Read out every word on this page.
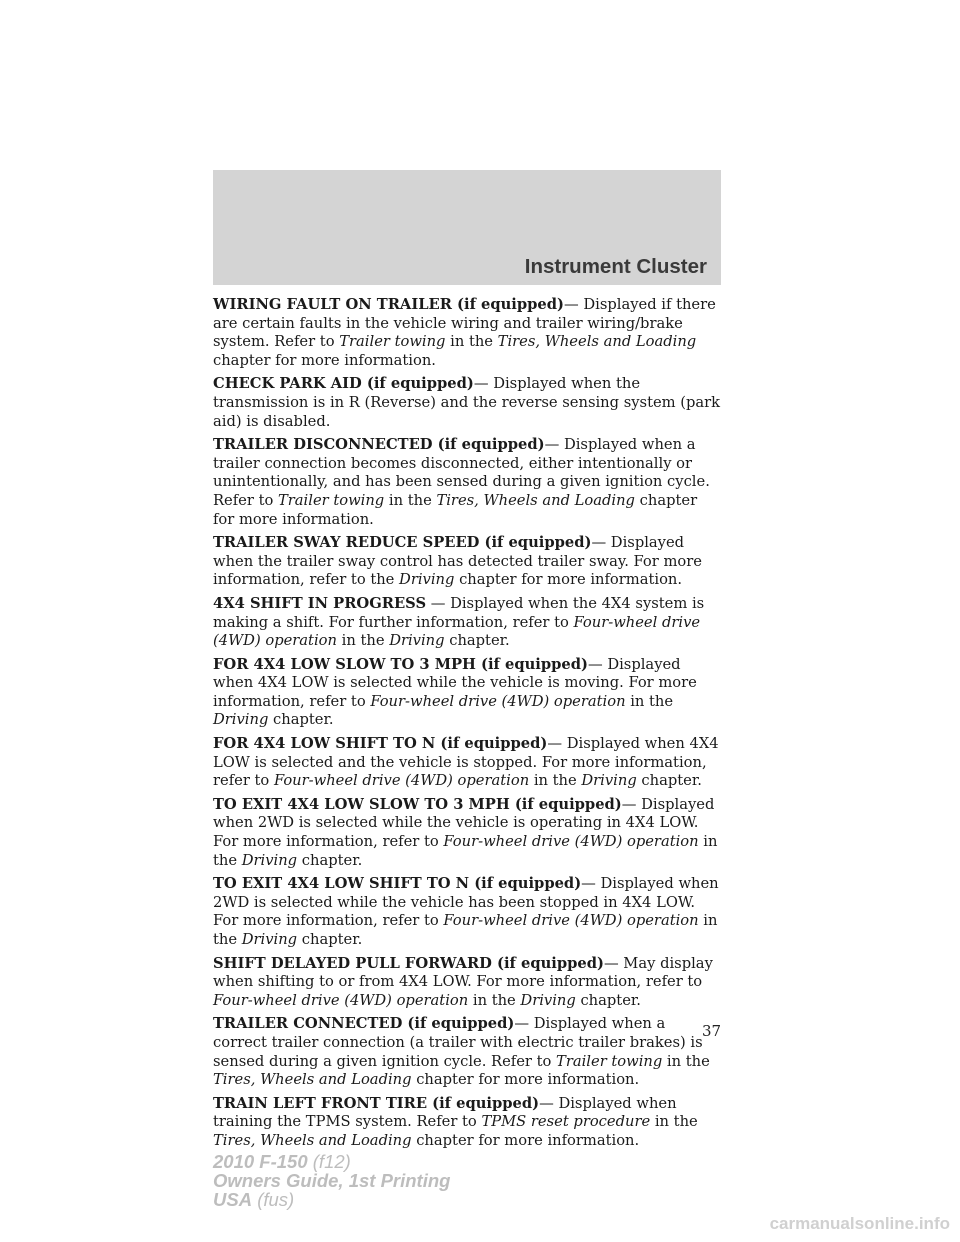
Instrument Cluster

WIRING FAULT ON TRAILER (if equipped)— Displayed if there are certain faults in the vehicle wiring and trailer wiring/brake system. Refer to Trailer towing in the Tires, Wheels and Loading chapter for more information.

CHECK PARK AID (if equipped)— Displayed when the transmission is in R (Reverse) and the reverse sensing system (park aid) is disabled.

TRAILER DISCONNECTED (if equipped)— Displayed when a trailer connection becomes disconnected, either intentionally or unintentionally, and has been sensed during a given ignition cycle. Refer to Trailer towing in the Tires, Wheels and Loading chapter for more information.

TRAILER SWAY REDUCE SPEED (if equipped)— Displayed when the trailer sway control has detected trailer sway. For more information, refer to the Driving chapter for more information.

4X4 SHIFT IN PROGRESS — Displayed when the 4X4 system is making a shift. For further information, refer to Four-wheel drive (4WD) operation in the Driving chapter.

FOR 4X4 LOW SLOW TO 3 MPH (if equipped)— Displayed when 4X4 LOW is selected while the vehicle is moving. For more information, refer to Four-wheel drive (4WD) operation in the Driving chapter.

FOR 4X4 LOW SHIFT TO N (if equipped)— Displayed when 4X4 LOW is selected and the vehicle is stopped. For more information, refer to Four-wheel drive (4WD) operation in the Driving chapter.

TO EXIT 4X4 LOW SLOW TO 3 MPH (if equipped)— Displayed when 2WD is selected while the vehicle is operating in 4X4 LOW. For more information, refer to Four-wheel drive (4WD) operation in the Driving chapter.

TO EXIT 4X4 LOW SHIFT TO N (if equipped)— Displayed when 2WD is selected while the vehicle has been stopped in 4X4 LOW. For more information, refer to Four-wheel drive (4WD) operation in the Driving chapter.

SHIFT DELAYED PULL FORWARD (if equipped)— May display when shifting to or from 4X4 LOW. For more information, refer to Four-wheel drive (4WD) operation in the Driving chapter.

TRAILER CONNECTED (if equipped)— Displayed when a correct trailer connection (a trailer with electric trailer brakes) is sensed during a given ignition cycle. Refer to Trailer towing in the Tires, Wheels and Loading chapter for more information.

TRAIN LEFT FRONT TIRE (if equipped)— Displayed when training the TPMS system. Refer to TPMS reset procedure in the Tires, Wheels and Loading chapter for more information.

37
2010 F-150 (f12)
Owners Guide, 1st Printing
USA (fus)
carmanualsonline.info
